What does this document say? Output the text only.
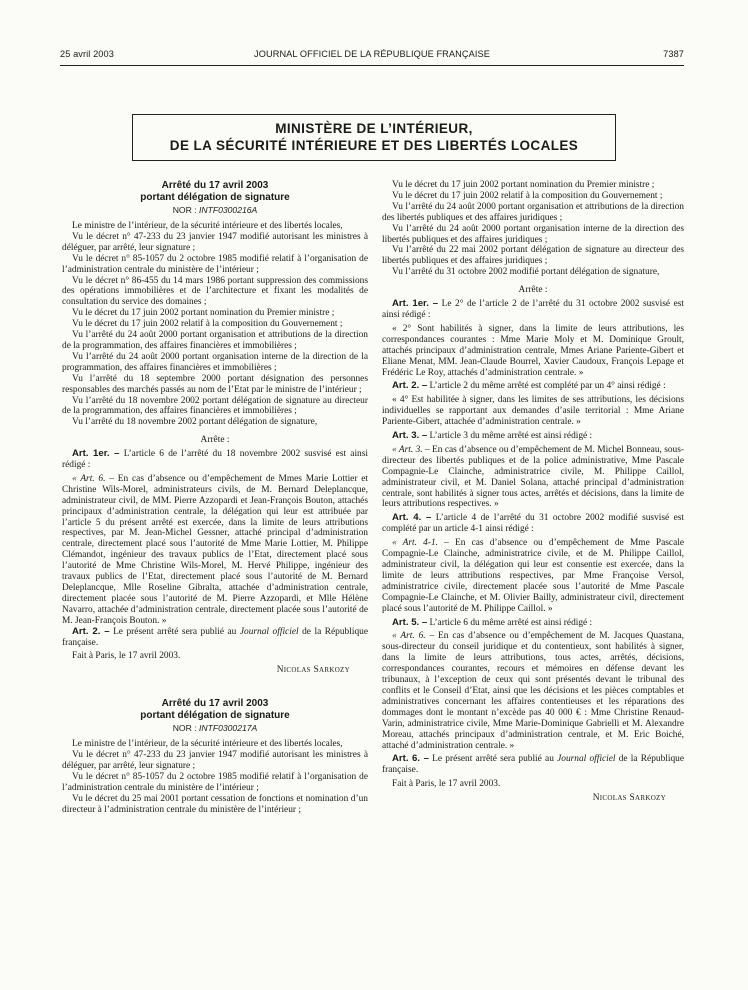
25 avril 2003	JOURNAL OFFICIEL DE LA RÉPUBLIQUE FRANÇAISE	7387
MINISTÈRE DE L’INTÉRIEUR,
DE LA SÉCURITÉ INTÉRIEURE ET DES LIBERTÉS LOCALES

Arrêté du 17 avril 2003

portant délégation de signature

NOR : INTF0300216A

Le ministre de l’intérieur, de la sécurité intérieure et des libertés locales,

Vu le décret n° 47-233 du 23 janvier 1947 modifié autorisant les ministres à déléguer, par arrêté, leur signature ;

Vu le décret n° 85-1057 du 2 octobre 1985 modifié relatif à l’organisation de l’administration centrale du ministère de l’intérieur ;

Vu le décret n° 86-455 du 14 mars 1986 portant suppression des commissions des opérations immobilières et de l’architecture et fixant les modalités de consultation du service des domaines ;

Vu le décret du 17 juin 2002 portant nomination du Premier ministre ;

Vu le décret du 17 juin 2002 relatif à la composition du Gouvernement ;

Vu l’arrêté du 24 août 2000 portant organisation et attributions de la direction de la programmation, des affaires financières et immobilières ;

Vu l’arrêté du 24 août 2000 portant organisation interne de la direction de la programmation, des affaires financières et immobilières ;

Vu l’arrêté du 18 septembre 2000 portant désignation des personnes responsables des marchés passés au nom de l’Etat par le ministre de l’intérieur ;

Vu l’arrêté du 18 novembre 2002 portant délégation de signature au directeur de la programmation, des affaires financières et immobilières ;

Vu l’arrêté du 18 novembre 2002 portant délégation de signature,

Arrête :

Art. 1er. – L’article 6 de l’arrêté du 18 novembre 2002 susvisé est ainsi rédigé :

« Art. 6. – En cas d’absence ou d’empêchement de Mmes Marie Lottier et Christine Wils-Morel, administrateurs civils, de M. Bernard Deleplancque, administrateur civil, de MM. Pierre Azzopardi et Jean-François Bouton, attachés principaux d’administration centrale, la délégation qui leur est attribuée par l’article 5 du présent arrêté est exercée, dans la limite de leurs attributions respectives, par M. Jean-Michel Gessner, attaché principal d’administration centrale, directement placé sous l’autorité de Mme Marie Lottier, M. Philippe Clémandot, ingénieur des travaux publics de l’Etat, directement placé sous l’autorité de Mme Christine Wils-Morel, M. Hervé Philippe, ingénieur des travaux publics de l’Etat, directement placé sous l’autorité de M. Bernard Deleplancque, Mlle Roseline Gibralta, attachée d’administration centrale, directement placée sous l’autorité de M. Pierre Azzopardi, et Mlle Hélène Navarro, attachée d’administration centrale, directement placée sous l’autorité de M. Jean-François Bouton. »

Art. 2. – Le présent arrêté sera publié au Journal officiel de la République française.

Fait à Paris, le 17 avril 2003.

Nicolas Sarkozy

Arrêté du 17 avril 2003

portant délégation de signature

NOR : INTF0300217A

Le ministre de l’intérieur, de la sécurité intérieure et des libertés locales,

Vu le décret n° 47-233 du 23 janvier 1947 modifié autorisant les ministres à déléguer, par arrêté, leur signature ;

Vu le décret n° 85-1057 du 2 octobre 1985 modifié relatif à l’organisation de l’administration centrale du ministère de l’intérieur ;

Vu le décret du 25 mai 2001 portant cessation de fonctions et nomination d’un directeur à l’administration centrale du ministère de l’intérieur ;

Vu le décret du 17 juin 2002 portant nomination du Premier ministre ;

Vu le décret du 17 juin 2002 relatif à la composition du Gouvernement ;

Vu l’arrêté du 24 août 2000 portant organisation et attributions de la direction des libertés publiques et des affaires juridiques ;

Vu l’arrêté du 24 août 2000 portant organisation interne de la direction des libertés publiques et des affaires juridiques ;

Vu l’arrêté du 22 mai 2002 portant délégation de signature au directeur des libertés publiques et des affaires juridiques ;

Vu l’arrêté du 31 octobre 2002 modifié portant délégation de signature,

Arrête :

Art. 1er. – Le 2° de l’article 2 de l’arrêté du 31 octobre 2002 susvisé est ainsi rédigé :

« 2° Sont habilités à signer, dans la limite de leurs attributions, les correspondances courantes : Mme Marie Moly et M. Dominique Groult, attachés principaux d’administration centrale, Mmes Ariane Pariente-Gibert et Eliane Menat, MM. Jean-Claude Bourrel, Xavier Caudoux, François Lepage et Frédéric Le Roy, attachés d’administration centrale. »

Art. 2. – L’article 2 du même arrêté est complété par un 4° ainsi rédigé :

« 4° Est habilitée à signer, dans les limites de ses attributions, les décisions individuelles se rapportant aux demandes d’asile territorial : Mme Ariane Pariente-Gibert, attachée d’administration centrale. »

Art. 3. – L’article 3 du même arrêté est ainsi rédigé :

« Art. 3. – En cas d’absence ou d’empêchement de M. Michel Bonneau, sous-directeur des libertés publiques et de la police administrative, Mme Pascale Compagnie-Le Clainche, administratrice civile, M. Philippe Caillol, administrateur civil, et M. Daniel Solana, attaché principal d’administration centrale, sont habilités à signer tous actes, arrêtés et décisions, dans la limite de leurs attributions respectives. »

Art. 4. – L’article 4 de l’arrêté du 31 octobre 2002 modifié susvisé est complété par un article 4-1 ainsi rédigé :

« Art. 4-1. – En cas d’absence ou d’empêchement de Mme Pascale Compagnie-Le Clainche, administratrice civile, et de M. Philippe Caillol, administrateur civil, la délégation qui leur est consentie est exercée, dans la limite de leurs attributions respectives, par Mme Françoise Versol, administratrice civile, directement placée sous l’autorité de Mme Pascale Compagnie-Le Clainche, et M. Olivier Bailly, administrateur civil, directement placé sous l’autorité de M. Philippe Caillol. »

Art. 5. – L’article 6 du même arrêté est ainsi rédigé :

« Art. 6. – En cas d’absence ou d’empêchement de M. Jacques Quastana, sous-directeur du conseil juridique et du contentieux, sont habilités à signer, dans la limite de leurs attributions, tous actes, arrêtés, décisions, correspondances courantes, recours et mémoires en défense devant les tribunaux, à l’exception de ceux qui sont présentés devant le tribunal des conflits et le Conseil d’Etat, ainsi que les décisions et les pièces comptables et administratives concernant les affaires contentieuses et les réparations des dommages dont le montant n’excède pas 40 000 € : Mme Christine Renaud-Varin, administratrice civile, Mme Marie-Dominique Gabrielli et M. Alexandre Moreau, attachés principaux d’administration centrale, et M. Eric Boiché, attaché d’administration centrale. »

Art. 6. – Le présent arrêté sera publié au Journal officiel de la République française.

Fait à Paris, le 17 avril 2003.

Nicolas Sarkozy
